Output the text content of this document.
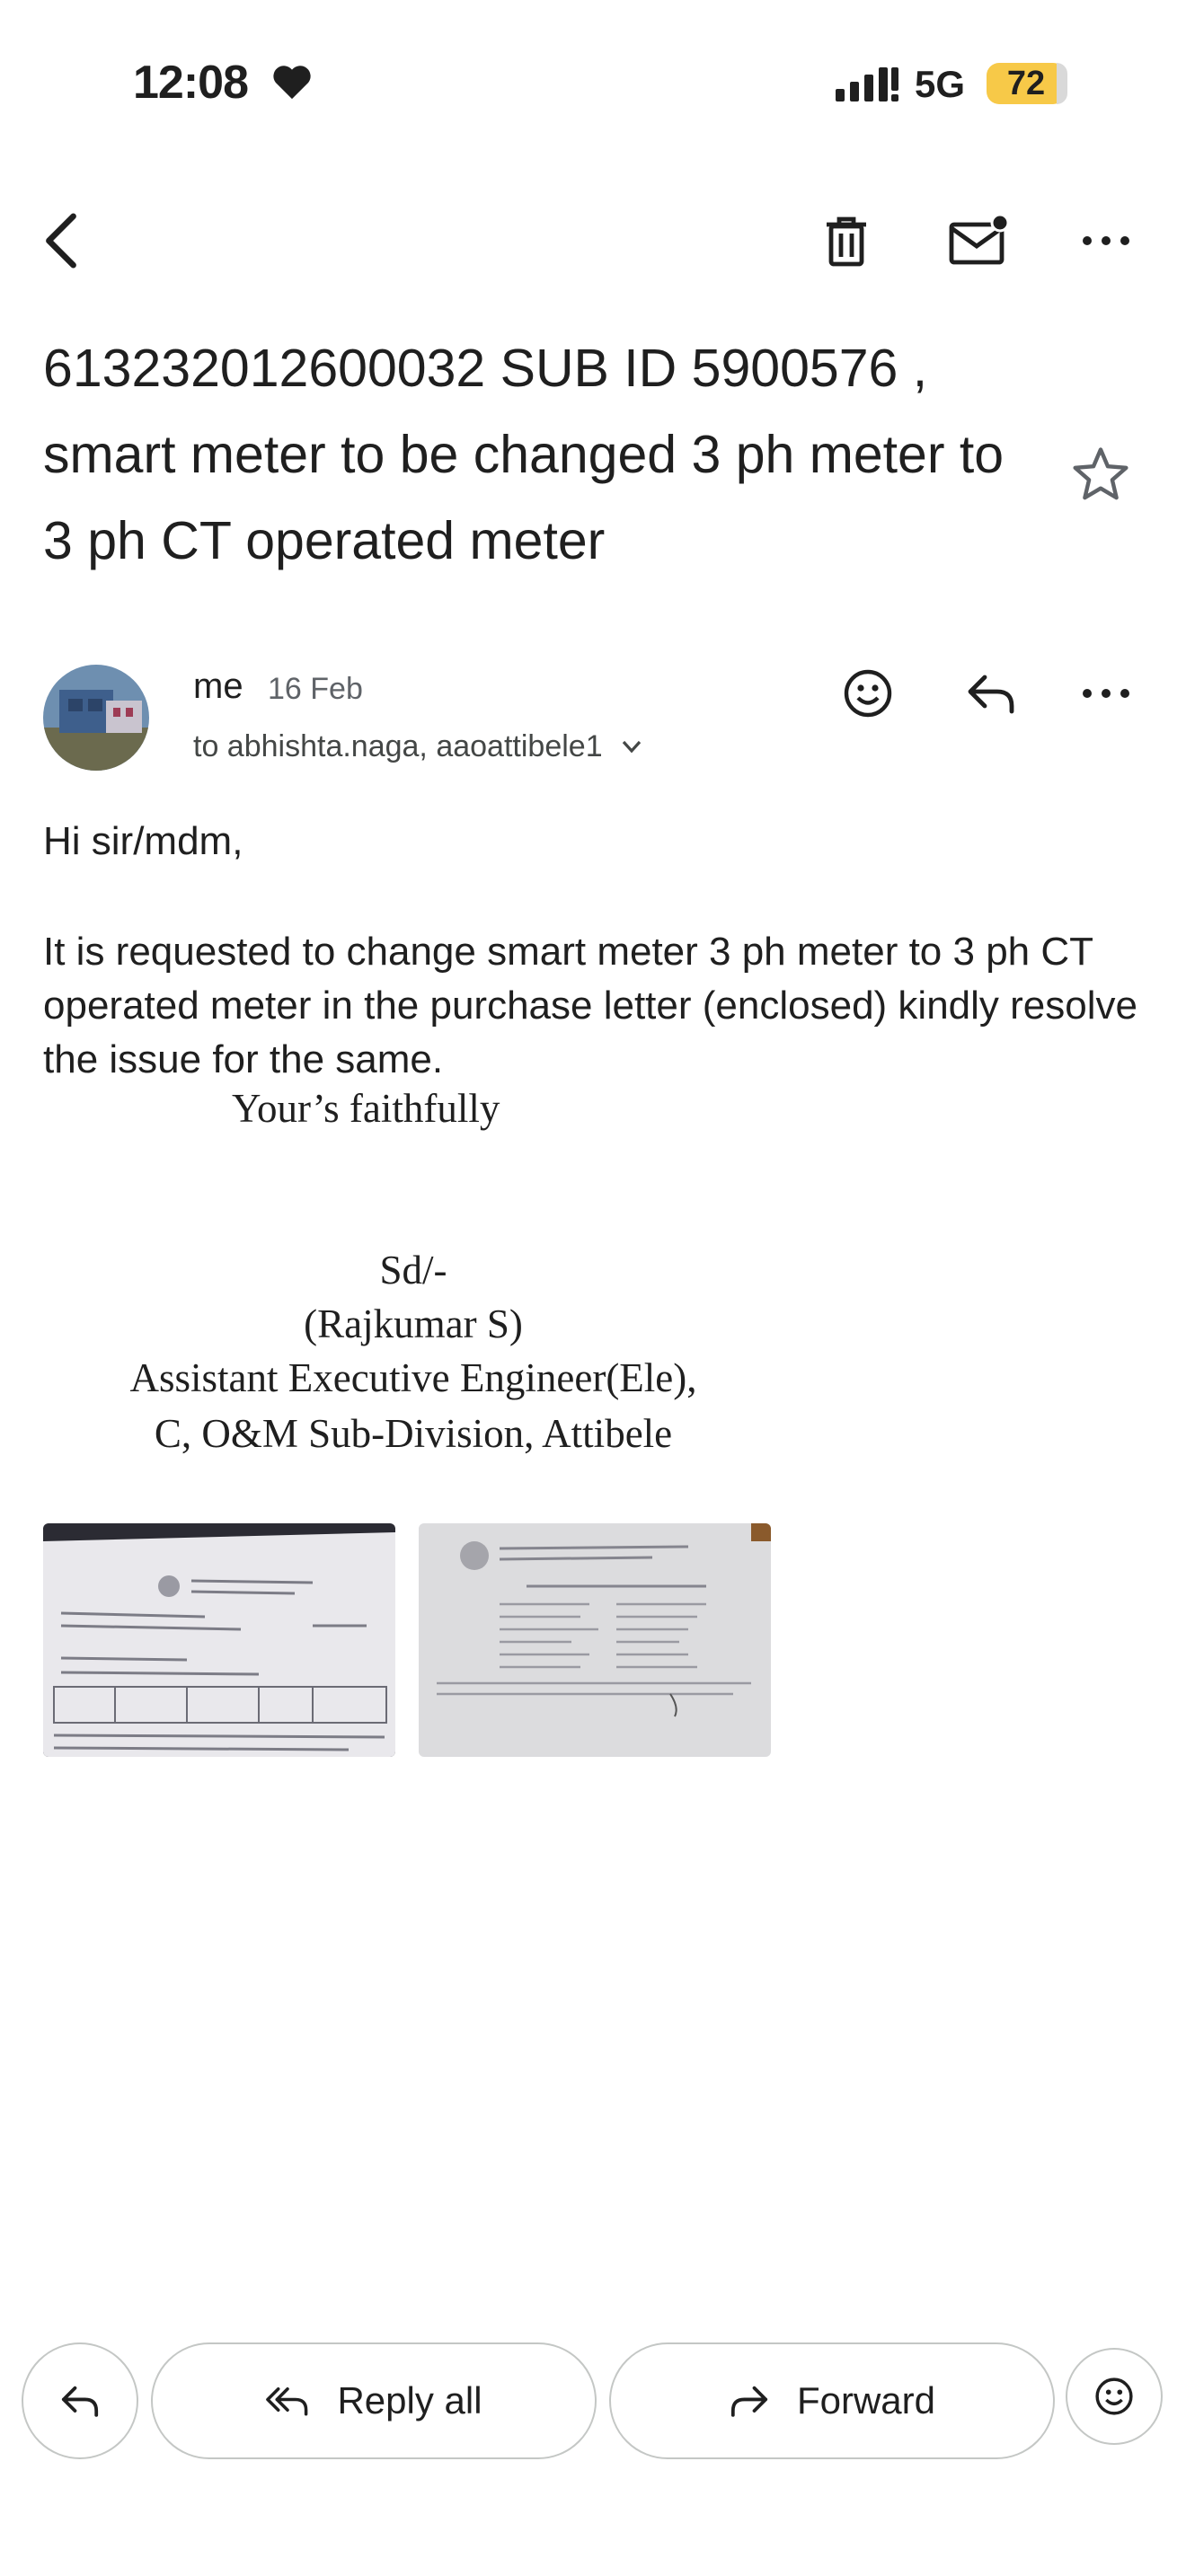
12:08	5G	72
613232012600032 SUB ID 5900576 , smart meter to be changed 3 ph meter to 3 ph CT operated meter
me 16 Feb
to abhishta.naga, aaoattibele1
Hi sir/mdm,
It is requested to change smart meter 3 ph meter to 3 ph CT operated meter in the purchase letter (enclosed) kindly resolve the issue for the same.
Your’s faithfully
Sd/-
(Rajkumar S)
Assistant Executive Engineer(Ele),
C, O&M Sub-Division, Attibele
Reply all	Forward
